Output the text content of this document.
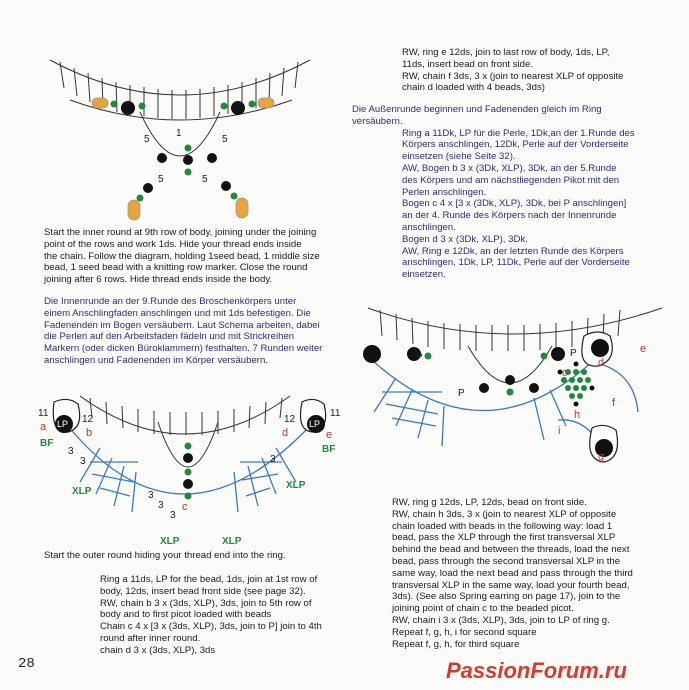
1
5	5
5	5

Start the inner round at 9th row of body, joining under the joining

point of the rows and work 1ds. Hide your thread ends inside

the chain. Follow the diagram, holding 1seed bead, 1 middle size

bead, 1 seed bead with a knitting row marker. Close the round

joining after 6 rows. Hide thread ends inside the body.

Die Innenrunde an der 9.Runde des Broschenkörpers unter

einem Anschlingfaden anschlingen und mit 1ds befestigen. Die

Fadenenden im Bogen versäubern. Laut Schema arbeiten, dabei

die Perlen auf den Arbeitsfaden fädeln und mit Strickreihen

Markern (oder dicken Büroklammern) festhalten. 7 Runden weiter

anschlingen und Fadenenden im Körper versäubern.

LP	LP
11
12	12
11
3
3
3
3
3
3
a	b
c
d	e
BF
BF
XLP
XLP	XLP
XLP
Start the outer round hiding your thread end into the ring.

Ring a 11ds, LP for the bead, 1ds, join at 1st row of

body, 12ds, insert bead front side (see page 32).

RW, chain b 3 x (3ds, XLP), 3ds, join to 5th row of

body and to first picot loaded with beads

Chain c 4 x [3 x (3ds, XLP), 3ds, join to P] join to 4th

round after inner round.

chain d 3 x (3ds, XLP), 3ds

RW, ring e 12ds, join to last row of body, 1ds, LP,

11ds, insert bead on front side.

RW, chain f 3ds, 3 x (join to nearest XLP of opposite

chain d loaded with 4 beads, 3ds)

Die Außenrunde beginnen und Fadenenden gleich im Ring

versäubern.

Ring a 11Dk, LP für die Perle, 1Dk,an der 1.Runde des

Körpers anschlingen, 12Dk, Perle auf der Vorderseite

einsetzen (siehe Seite 32).

AW, Bogen b 3 x (3Dk, XLP), 3Dk, an der 5.Runde

des Körpers und am nächstliegenden Pikot mit den

Perlen anschlingen.

Bogen c 4 x [3 x (3Dk, XLP), 3Dk, bei P anschlingen]

an der 4. Runde des Körpers nach der Innenrunde

anschlingen.

Bogen d 3 x (3Dk, XLP), 3Dk.

AW, Ring e 12Dk, an der letzten Runde des Körpers

anschlingen, 1Dk, LP, 11Dk, Perle auf der Vorderseite

einsetzen.

P	P
P
c
d
e
f
g
h
i

RW, ring g 12ds, LP, 12ds, bead on front side.

RW, chain h 3ds, 3 x (join to nearest XLP of opposite

chain loaded with beads in the following way: load 1

bead, pass the XLP through the first transversal XLP

behind the bead and between the threads, load the next

bead, pass through the second transversal XLP in the

same way, load the next bead and pass through the third

transversal XLP in the same way, load your fourth bead,

3ds). (See also Spring earring on page 17), join to the

joining point of chain c to the beaded picot.

RW, chain i 3 x (3ds, XLP), 3ds, join to LP of ring g.

Repeat f, g, h, i for second square

Repeat f, g, h, for third square

28	PassionForum.ru
